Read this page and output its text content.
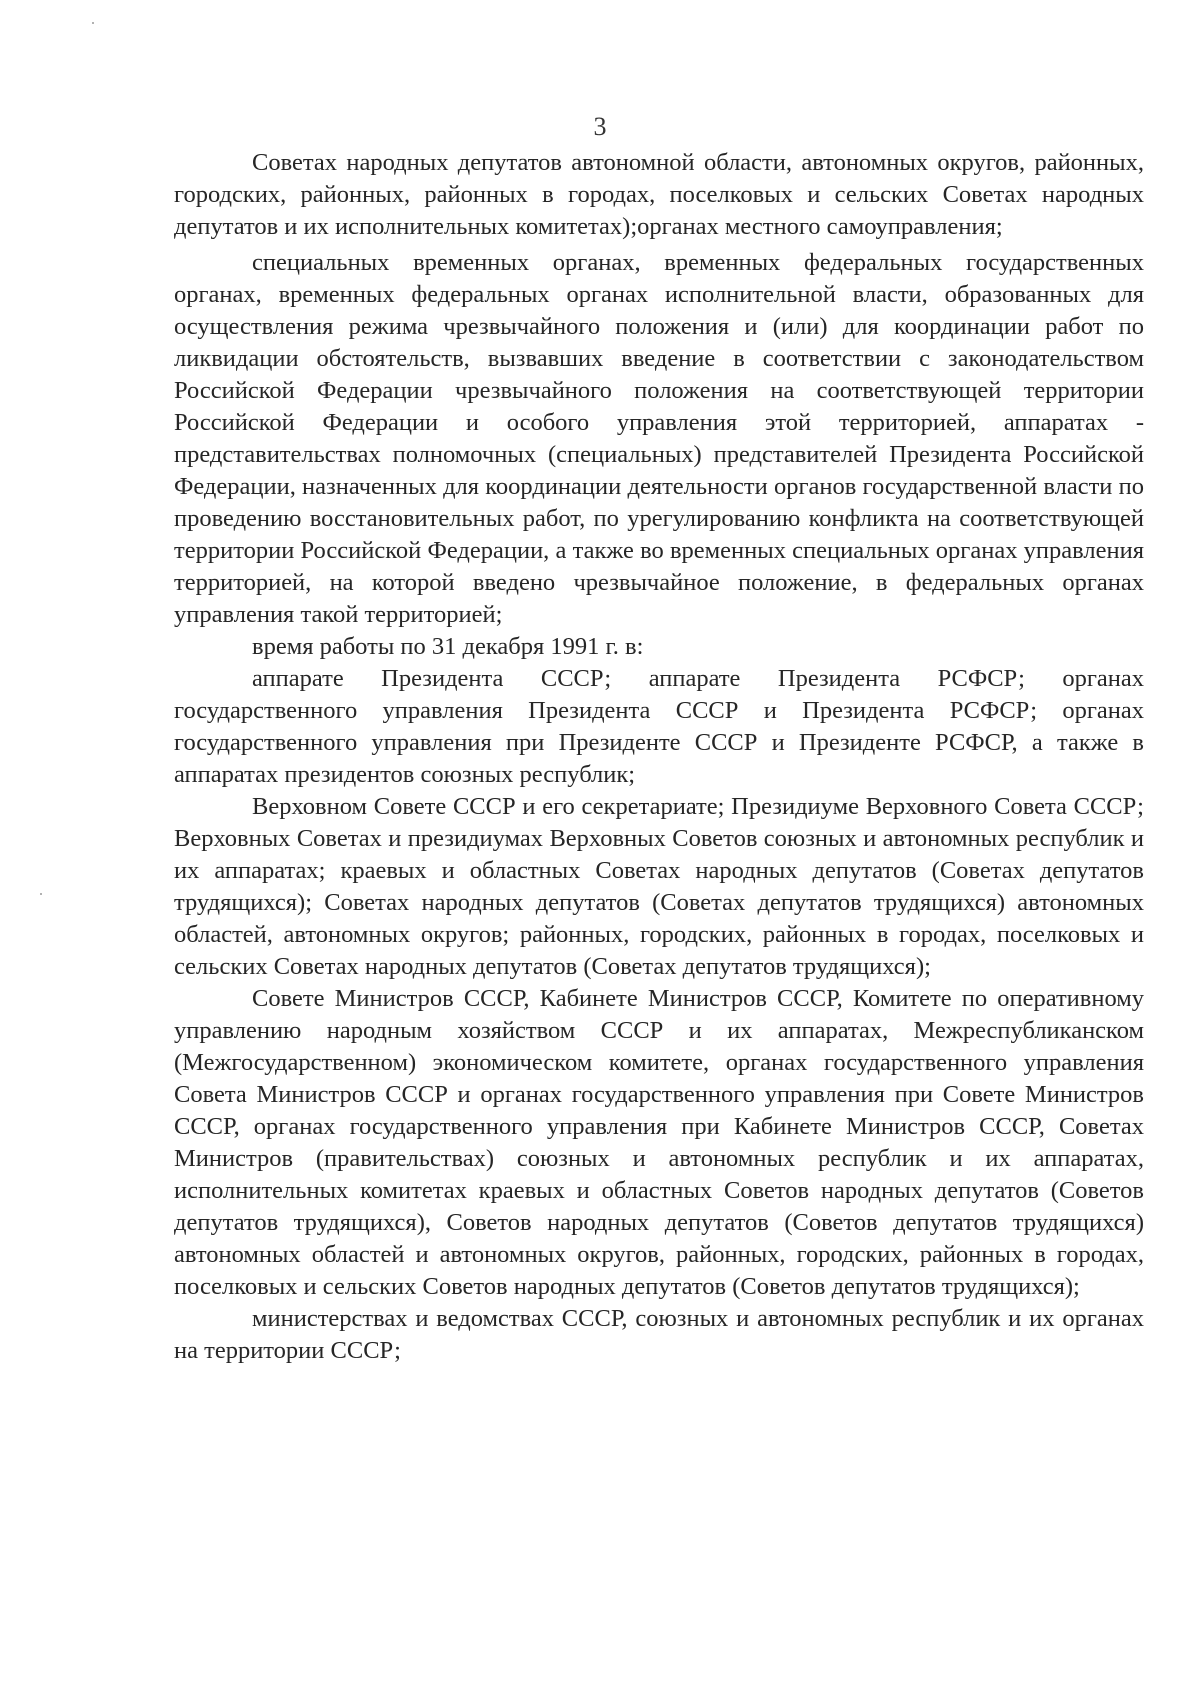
3

Советах народных депутатов автономной области, автономных округов, районных, городских, районных, районных в городах, поселковых и сельских Советах народных депутатов и их исполнительных комитетах);органах местного самоуправления;

специальных временных органах, временных федеральных государственных органах, временных федеральных органах исполнительной власти, образованных для осуществления режима чрезвычайного положения и (или) для координации работ по ликвидации обстоятельств, вызвавших введение в соответствии с законодательством Российской Федерации чрезвычайного положения на соответствующей территории Российской Федерации и особого управления этой территорией, аппаратах - представительствах полномочных (специальных) представителей Президента Российской Федерации, назначенных для координации деятельности органов государственной власти по проведению восстановительных работ, по урегулированию конфликта на соответствующей территории Российской Федерации, а также во временных специальных органах управления территорией, на которой введено чрезвычайное положение, в федеральных органах управления такой территорией;

время работы по 31 декабря 1991 г. в:

аппарате Президента СССР; аппарате Президента РСФСР; органах государственного управления Президента СССР и Президента РСФСР; органах государственного управления при Президенте СССР и Президенте РСФСР, а также в аппаратах президентов союзных республик;

Верховном Совете СССР и его секретариате; Президиуме Верховного Совета СССР; Верховных Советах и президиумах Верховных Советов союзных и автономных республик и их аппаратах; краевых и областных Советах народных депутатов (Советах депутатов трудящихся); Советах народных депутатов (Советах депутатов трудящихся) автономных областей, автономных округов; районных, городских, районных в городах, поселковых и сельских Советах народных депутатов (Советах депутатов трудящихся);

Совете Министров СССР, Кабинете Министров СССР, Комитете по оперативному управлению народным хозяйством СССР и их аппаратах, Межреспубликанском (Межгосударственном) экономическом комитете, органах государственного управления Совета Министров СССР и органах государственного управления при Совете Министров СССР, органах государственного управления при Кабинете Министров СССР, Советах Министров (правительствах) союзных и автономных республик и их аппаратах, исполнительных комитетах краевых и областных Советов народных депутатов (Советов депутатов трудящихся), Советов народных депутатов (Советов депутатов трудящихся) автономных областей и автономных округов, районных, городских, районных в городах, поселковых и сельских Советов народных депутатов (Советов депутатов трудящихся);

министерствах и ведомствах СССР, союзных и автономных республик и их органах на территории СССР;
